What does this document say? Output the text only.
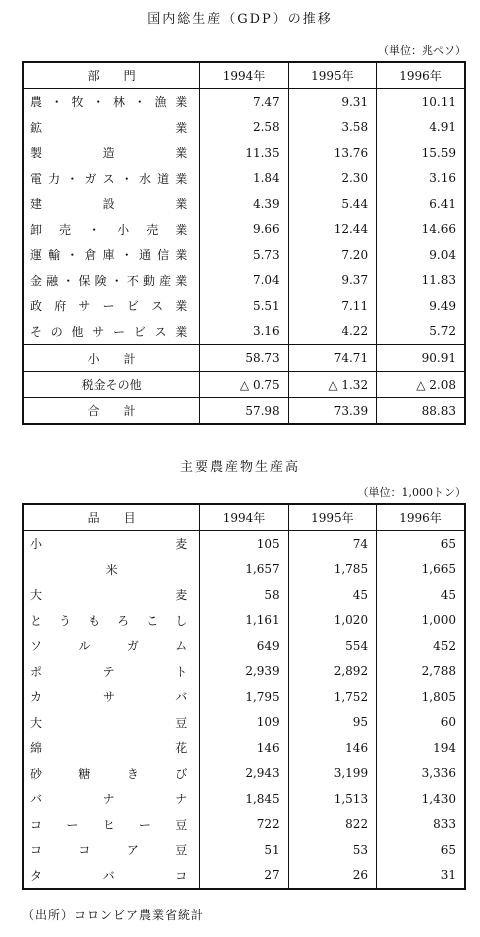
国内総生産（GDP）の推移
（単位：兆ペソ）
部　　門	1994年	1995年	1996年
農・牧・林・漁業	7.47	9.31	10.11
鉱業	2.58	3.58	4.91
製造業	11.35	13.76	15.59
電力・ガス・水道業	1.84	2.30	3.16
建設業	4.39	5.44	6.41
卸売・小売業	9.66	12.44	14.66
運輸・倉庫・通信業	5.73	7.20	9.04
金融・保険・不動産業	7.04	9.37	11.83
政府サービス業	5.51	7.11	9.49
その他サービス業	3.16	4.22	5.72
小　　計	58.73	74.71	90.91
税金その他	△ 0.75	△ 1.32	△ 2.08
合　　計	57.98	73.39	88.83
主要農産物生産高
（単位：1,000トン）
品　　目	1994年	1995年	1996年
小麦	105	74	65
米	1,657	1,785	1,665
大麦	58	45	45
とうもろこし	1,161	1,020	1,000
ソルガム	649	554	452
ポテト	2,939	2,892	2,788
カサバ	1,795	1,752	1,805
大豆	109	95	60
綿花	146	146	194
砂糖きび	2,943	3,199	3,336
バナナ	1,845	1,513	1,430
コーヒー豆	722	822	833
ココア豆	51	53	65
タバコ	27	26	31
（出所）コロンビア農業省統計
